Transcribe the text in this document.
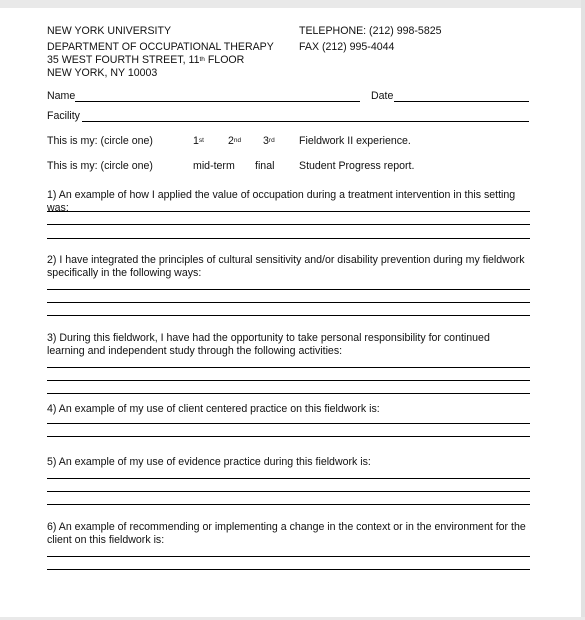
NEW YORK UNIVERSITY
DEPARTMENT OF OCCUPATIONAL THERAPY
35 WEST FOURTH STREET, 11th FLOOR
NEW YORK, NY 10003
TELEPHONE: (212) 998-5825
FAX (212) 995-4044
Name	Date
Facility
This is my: (circle one)	1st 2nd 3rd Fieldwork II experience.
This is my: (circle one)	mid-term final Student Progress report.
1) An example of how I applied the value of occupation during a treatment intervention in this setting was:
2) I have integrated the principles of cultural sensitivity and/or disability prevention during my fieldwork specifically in the following ways:
3) During this fieldwork, I have had the opportunity to take personal responsibility for continued learning and independent study through the following activities:
4) An example of my use of client centered practice on this fieldwork is:
5) An example of my use of evidence practice during this fieldwork is:
6) An example of recommending or implementing a change in the context or in the environment for the client on this fieldwork is:
